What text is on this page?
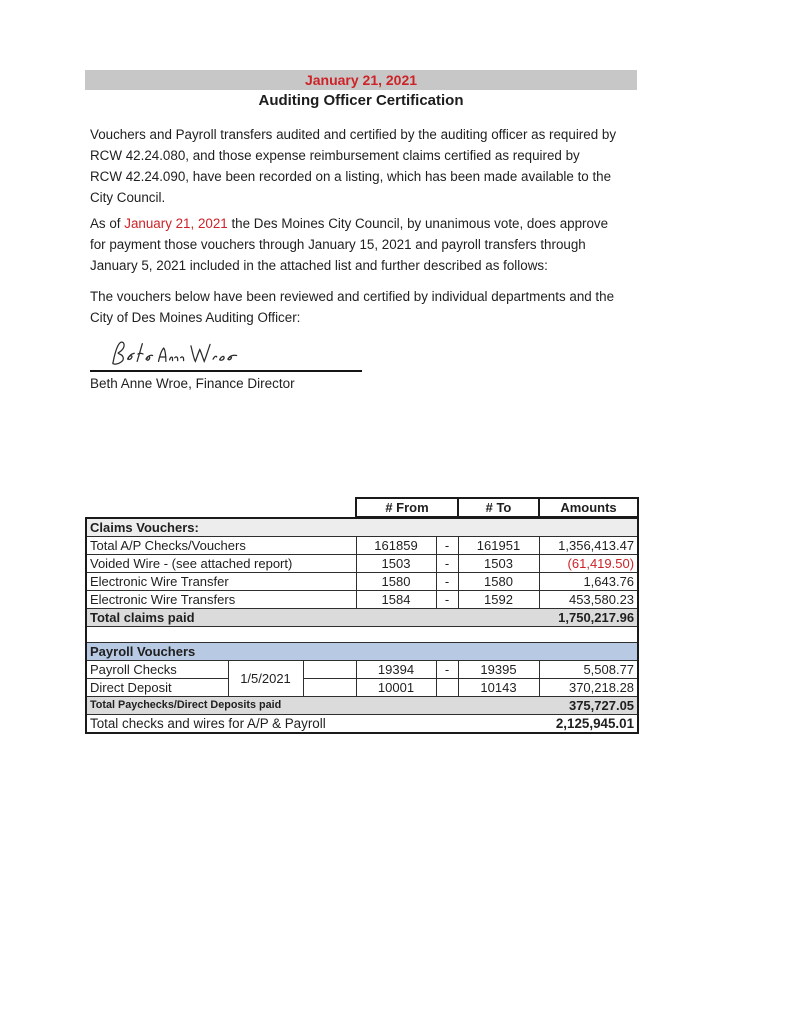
January 21, 2021
Auditing Officer Certification
Vouchers and Payroll transfers audited and certified by the auditing officer as required by
RCW 42.24.080, and those expense reimbursement claims certified as required by
RCW 42.24.090, have been recorded on a listing, which has been made available to the
City Council.
As of January 21, 2021 the Des Moines City Council, by unanimous vote, does approve
for payment those vouchers through January 15, 2021 and payroll transfers through
January 5, 2021 included in the attached list and further described as follows:
The vouchers below have been reviewed and certified by individual departments and the
City of Des Moines Auditing Officer:
Beth Anne Wroe, Finance Director
# From	# To	Amounts
Claims Vouchers:						
Total A/P Checks/Vouchers			161859	-	161951	1,356,413.47
Voided Wire - (see attached report)			1503	-	1503	(61,419.50)
Electronic Wire Transfer			1580	-	1580	1,643.76
Electronic Wire Transfers			1584	-	1592	453,580.23

Total claims paid 1,750,217.96						

Payroll Vouchers						
Payroll Checks	1/5/2021		19394	-	19395	5,508.77
Direct Deposit			10001		10143	370,218.28

Total Paychecks/Direct Deposits paid 375,727.05						

Total checks and wires for A/P & Payroll 2,125,945.01						
